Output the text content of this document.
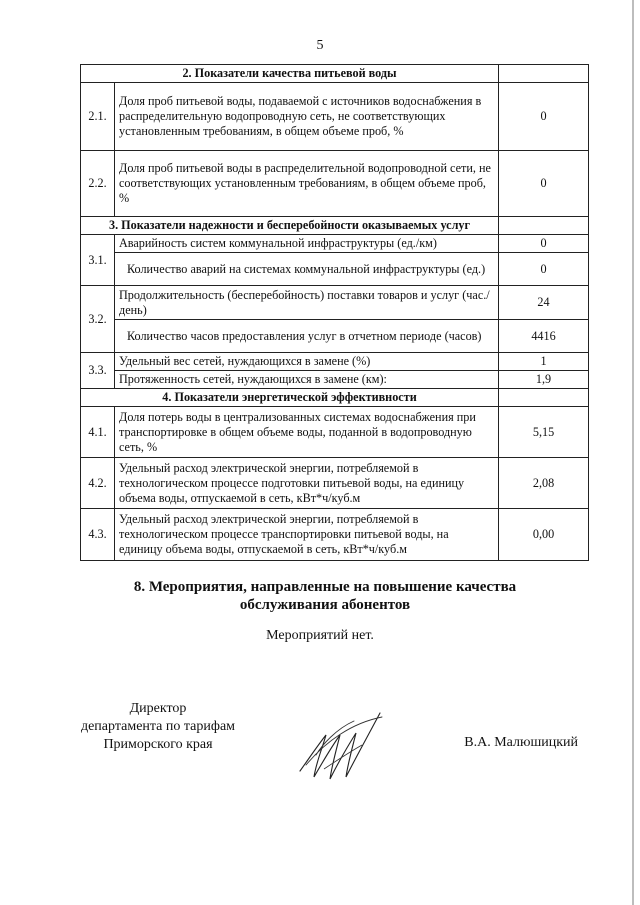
5
2. Показатели качества питьевой воды		
2.1.	Доля проб питьевой воды, подаваемой с источников водоснабжения в распределительную водопроводную сеть, не соответствующих установленным требованиям, в общем объеме проб, %	0
2.2.	Доля проб питьевой воды в распределительной водопроводной сети, не соответствующих установленным требованиям, в общем объеме проб, %	0
3. Показатели надежности и бесперебойности оказываемых услуг		
3.1.	Аварийность систем коммунальной инфраструктуры (ед./км)	0
	Количество аварий на системах коммунальной инфраструктуры (ед.)	0
3.2.	Продолжительность (бесперебойность) поставки товаров и услуг (час./день)	24
	Количество часов предоставления услуг в отчетном периоде (часов)	4416
3.3.	Удельный вес сетей, нуждающихся в замене (%)	1
	Протяженность сетей, нуждающихся в замене (км):	1,9
4. Показатели энергетической эффективности		
4.1.	Доля потерь воды в централизованных системах водоснабжения при транспортировке в общем объеме воды, поданной в водопроводную сеть, %	5,15
4.2.	Удельный расход электрической энергии, потребляемой в технологическом процессе подготовки питьевой воды, на единицу объема воды, отпускаемой в сеть, кВт*ч/куб.м	2,08
4.3.	Удельный расход электрической энергии, потребляемой в технологическом процессе транспортировки питьевой воды, на единицу объема воды, отпускаемой в сеть, кВт*ч/куб.м	0,00
8. Мероприятия, направленные на повышение качества
обслуживания абонентов
Мероприятий нет.
Директор
департамента по тарифам
Приморского края	В.А. Малюшицкий
